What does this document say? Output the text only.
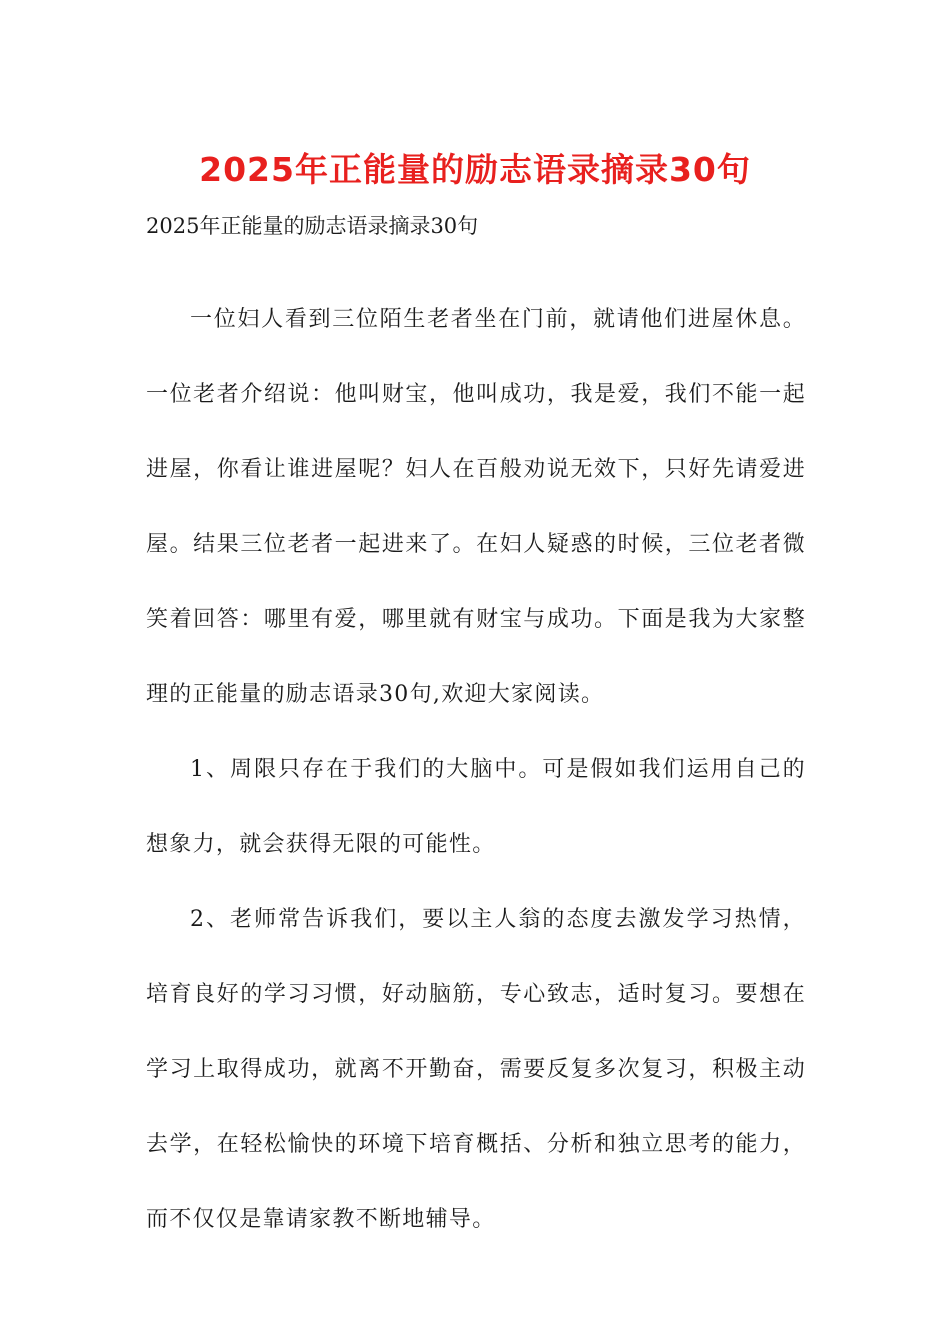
2025年正能量的励志语录摘录30句

2025年正能量的励志语录摘录30句

一位妇人看到三位陌生老者坐在门前，就请他们进屋休息。一位老者介绍说：他叫财宝，他叫成功，我是爱，我们不能一起进屋，你看让谁进屋呢？妇人在百般劝说无效下，只好先请爱进屋。结果三位老者一起进来了。在妇人疑惑的时候，三位老者微笑着回答：哪里有爱，哪里就有财宝与成功。下面是我为大家整理的正能量的励志语录30句,欢迎大家阅读。

1、周限只存在于我们的大脑中。可是假如我们运用自己的想象力，就会获得无限的可能性。

2、老师常告诉我们，要以主人翁的态度去激发学习热情，培育良好的学习习惯，好动脑筋，专心致志，适时复习。要想在学习上取得成功，就离不开勤奋，需要反复多次复习，积极主动去学，在轻松愉快的环境下培育概括、分析和独立思考的能力，而不仅仅是靠请家教不断地辅导。
